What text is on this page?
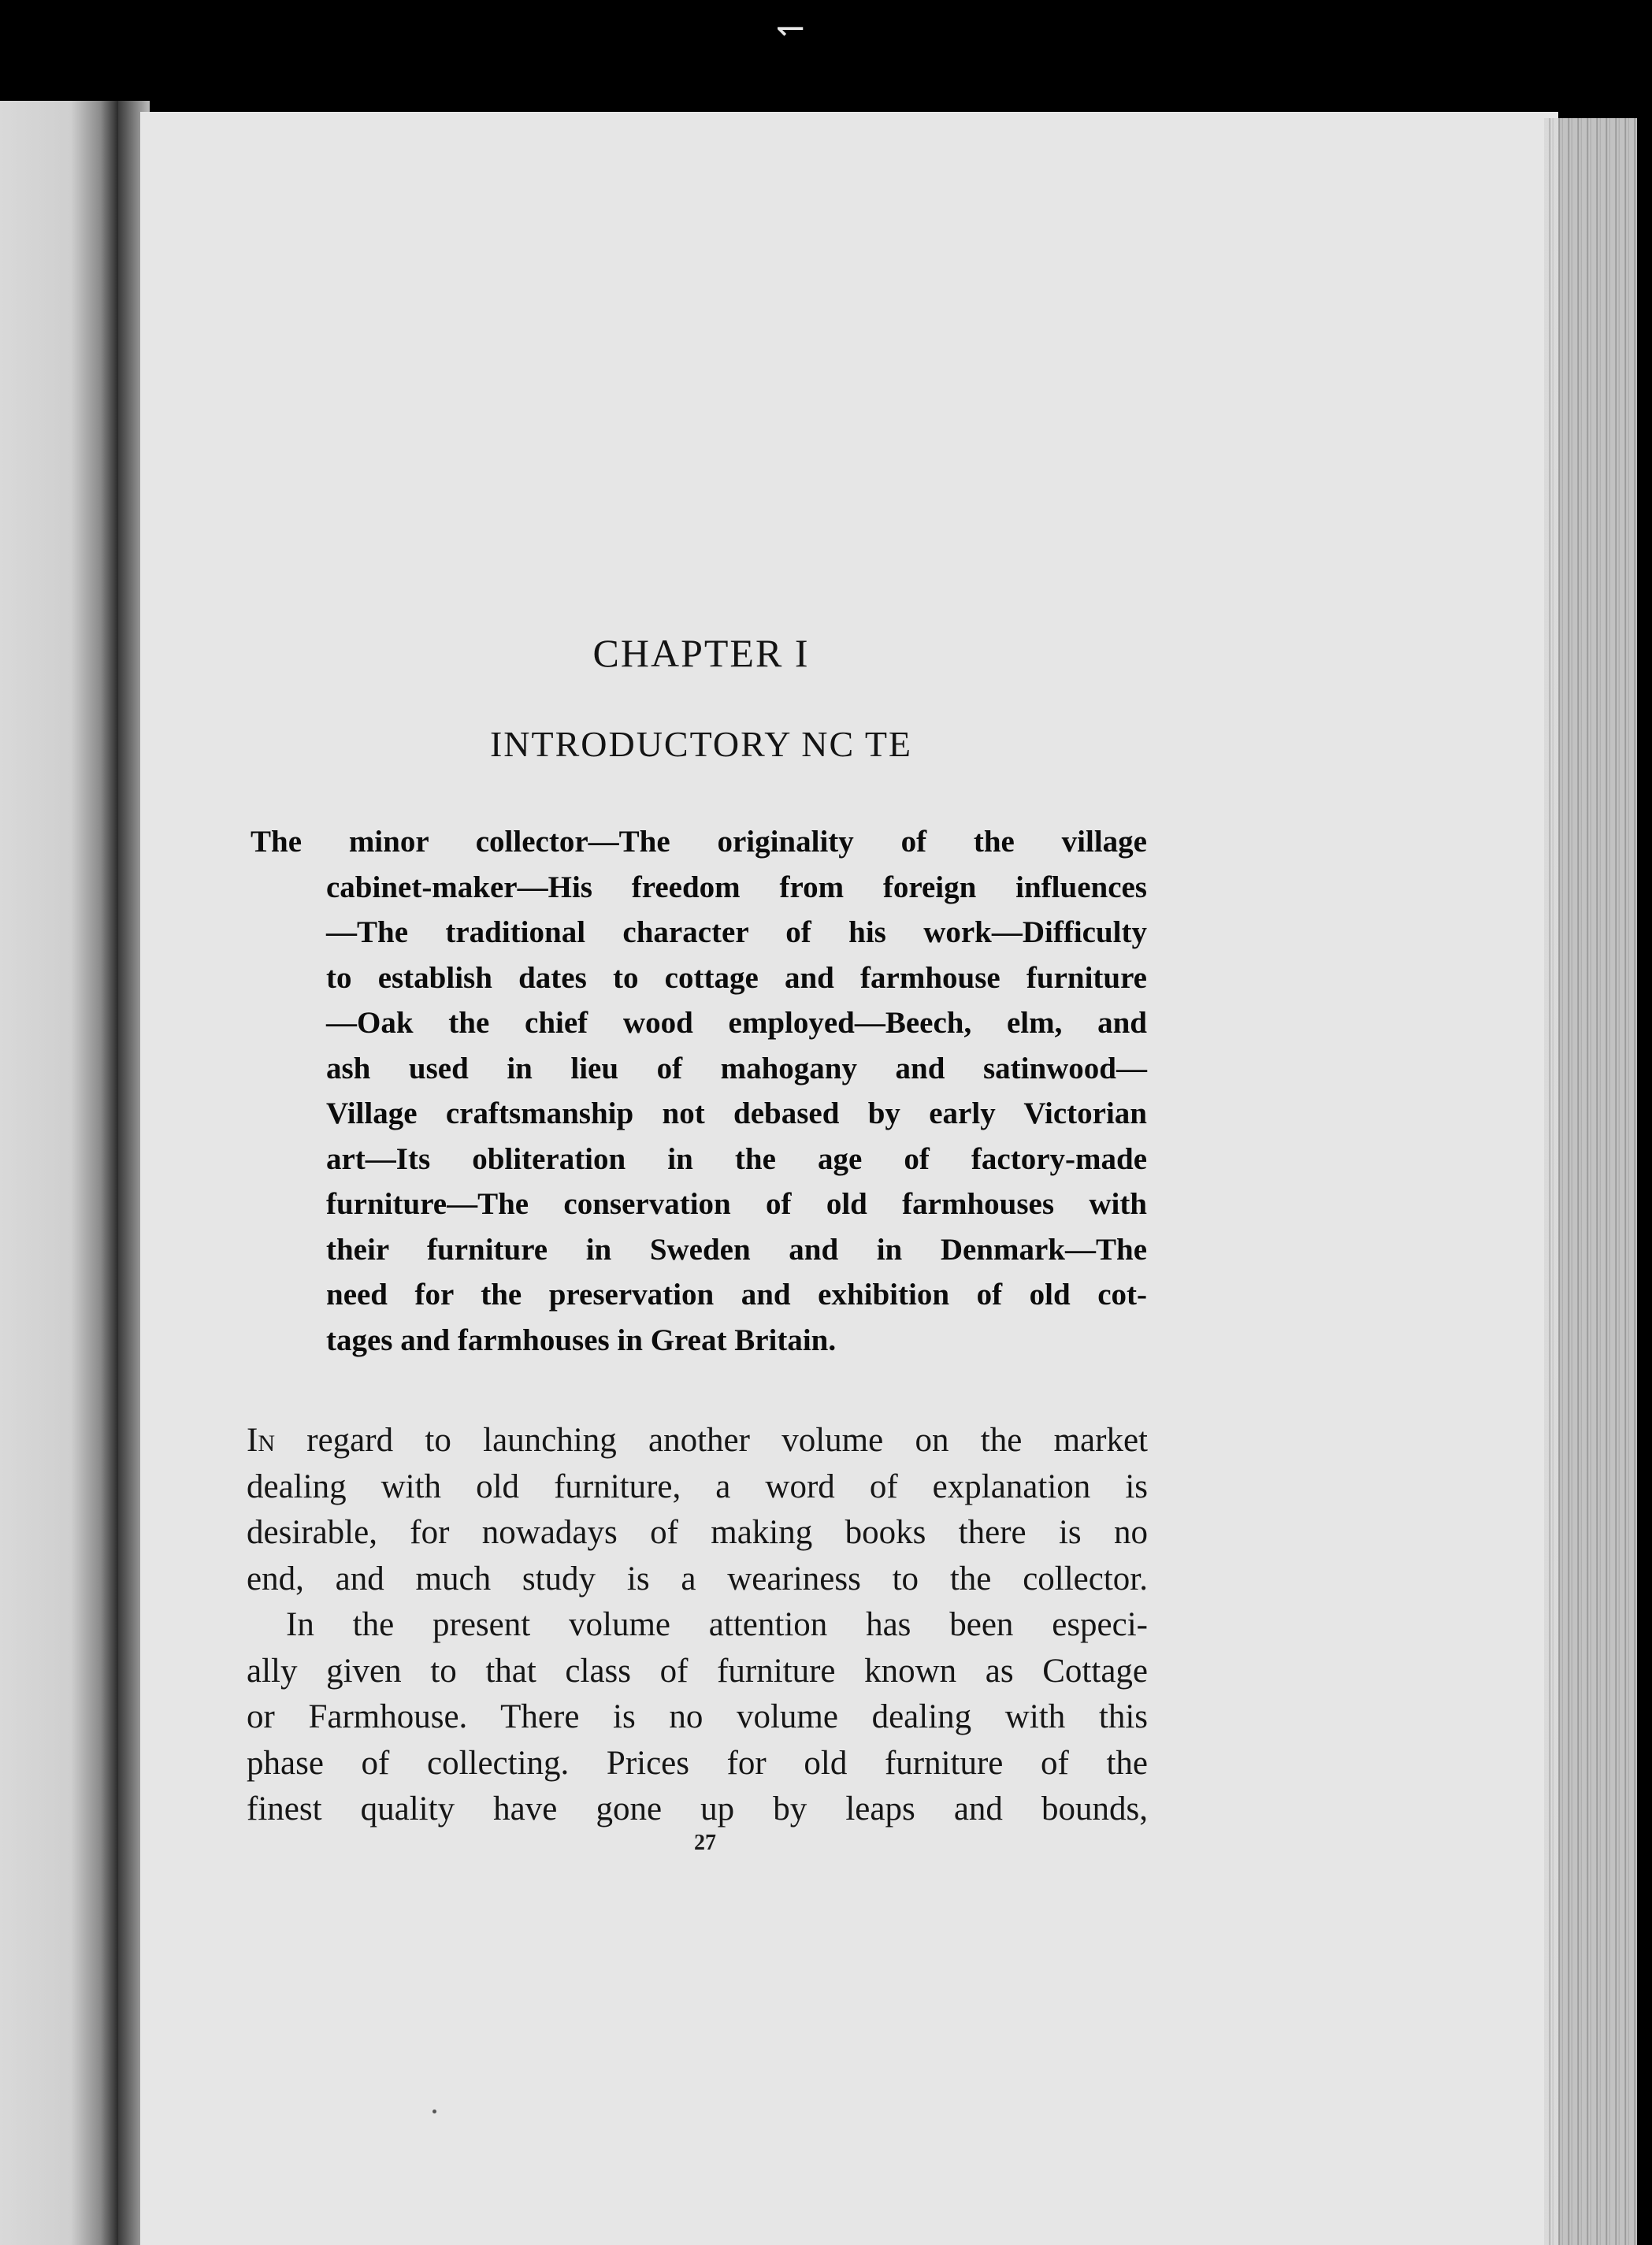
↽
CHAPTER I
INTRODUCTORY NC TE
The minor collector—The originality of the village
cabinet-maker—His freedom from foreign influences
—The traditional character of his work—Difficulty
to establish dates to cottage and farmhouse furniture
—Oak the chief wood employed—Beech, elm, and
ash used in lieu of mahogany and satinwood—
Village craftsmanship not debased by early Victorian
art—Its obliteration in the age of factory-made
furniture—The conservation of old farmhouses with
their furniture in Sweden and in Denmark—The
need for the preservation and exhibition of old cot-
tages and farmhouses in Great Britain.
In regard to launching another volume on the market
dealing with old furniture, a word of explanation is
desirable, for nowadays of making books there is no
end, and much study is a weariness to the collector.
In the present volume attention has been especi-
ally given to that class of furniture known as Cottage
or Farmhouse. There is no volume dealing with this
phase of collecting. Prices for old furniture of the
finest quality have gone up by leaps and bounds,
27
